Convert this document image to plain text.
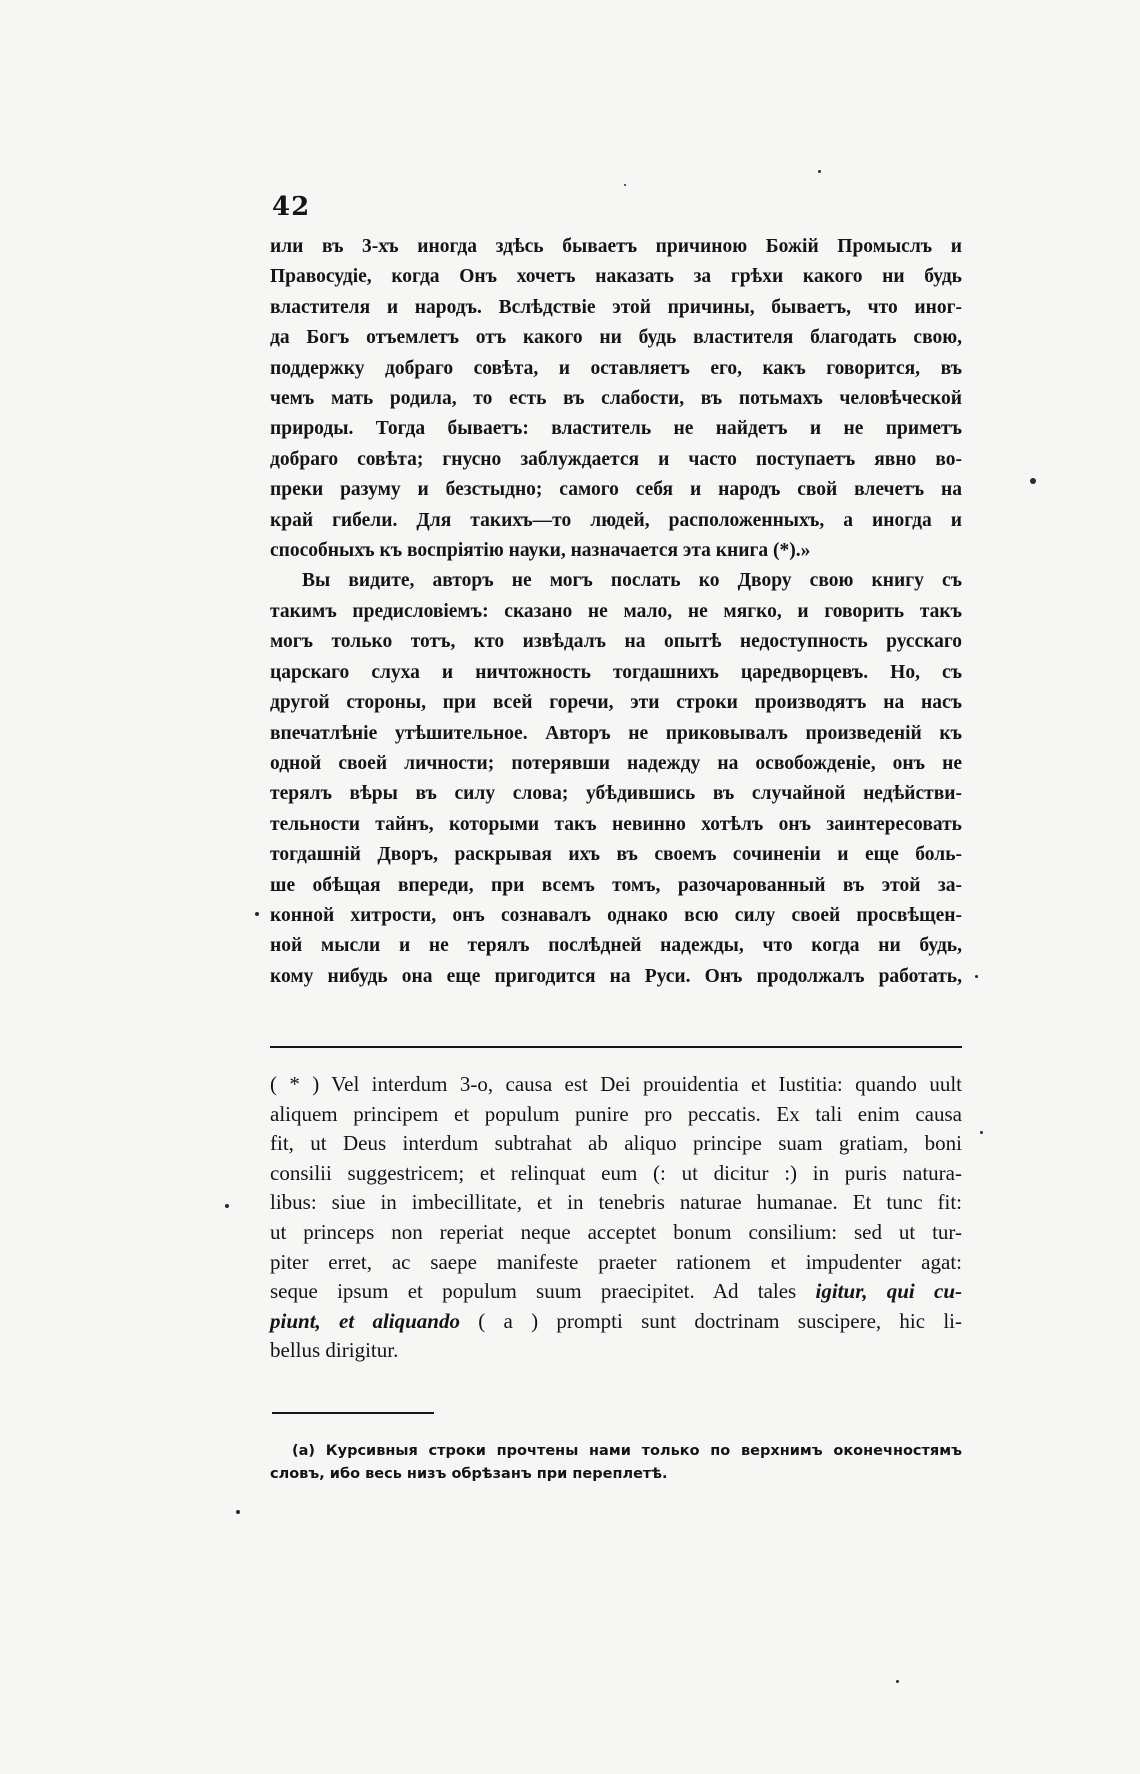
42
или въ 3-хъ иногда здѣсь бываетъ причиною Божій Промыслъ и
Правосудіе, когда Онъ хочетъ наказать за грѣхи какого ни будь
властителя и народъ. Вслѣдствіе этой причины, бываетъ, что иног-
да Богъ отъемлетъ отъ какого ни будь властителя благодать свою,
поддержку добраго совѣта, и оставляетъ его, какъ говорится, въ
чемъ мать родила, то есть въ слабости, въ потьмахъ человѣческой
природы. Тогда бываетъ: властитель не найдетъ и не приметъ
добраго совѣта; гнусно заблуждается и часто поступаетъ явно во-
преки разуму и безстыдно; самого себя и народъ свой влечетъ на
край гибели. Для такихъ—то людей, расположенныхъ, а иногда и
способныхъ къ воспріятію науки, назначается эта книга (*).»
Вы видите, авторъ не могъ послать ко Двору свою книгу съ
такимъ предисловіемъ: сказано не мало, не мягко, и говорить такъ
могъ только тотъ, кто извѣдалъ на опытѣ недоступность русскаго
царскаго слуха и ничтожность тогдашнихъ царедворцевъ. Но, съ
другой стороны, при всей горечи, эти строки производятъ на насъ
впечатлѣніе утѣшительное. Авторъ не приковывалъ произведеній къ
одной своей личности; потерявши надежду на освобожденіе, онъ не
терялъ вѣры въ силу слова; убѣдившись въ случайной недѣйстви-
тельности тайнъ, которыми такъ невинно хотѣлъ онъ заинтересовать
тогдашній Дворъ, раскрывая ихъ въ своемъ сочиненіи и еще боль-
ше обѣщая впереди, при всемъ томъ, разочарованный въ этой за-
конной хитрости, онъ сознавалъ однако всю силу своей просвѣщен-
ной мысли и не терялъ послѣдней надежды, что когда ни будь,
кому нибудь она еще пригодится на Руси. Онъ продолжалъ работать,
( * ) Vel interdum 3-o, causa est Dei prouidentia et Iustitia: quando uult
aliquem principem et populum punire pro peccatis. Ex tali enim causa
fit, ut Deus interdum subtrahat ab aliquo principe suam gratiam, boni
consilii suggestricem; et relinquat eum (: ut dicitur :) in puris natura-
libus: siue in imbecillitate, et in tenebris naturae humanae. Et tunc fit:
ut princeps non reperiat neque acceptet bonum consilium: sed ut tur-
piter erret, ac saepe manifeste praeter rationem et impudenter agat:
seque ipsum et populum suum praecipitet. Ad tales igitur, qui cu-
piunt, et aliquando ( a ) prompti sunt doctrinam suscipere, hic li-
bellus dirigitur.
(а) Курсивныя строки прочтены нами только по верхнимъ оконечностямъ
словъ, ибо весь низъ обрѣзанъ при переплетѣ.
